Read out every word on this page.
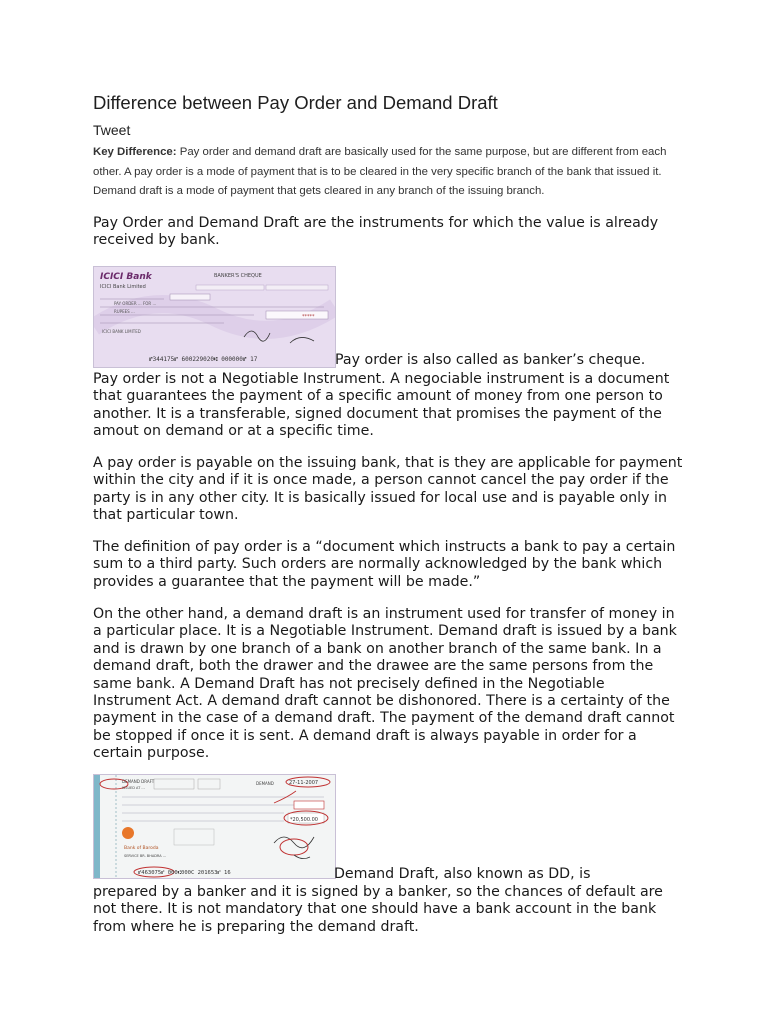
Difference between Pay Order and Demand Draft
Tweet
Key Difference: Pay order and demand draft are basically used for the same purpose, but are different from each other. A pay order is a mode of payment that is to be cleared in the very specific branch of the bank that issued it. Demand draft is a mode of payment that gets cleared in any branch of the issuing branch.

Pay Order and Demand Draft are the instruments for which the value is already received by bank.

ICICI Bank
ICICI Bank Limited
BANKER'S CHEQUE
PAY ORDER ... FOR ...
RUPEES ...
*****
ICICI BANK LIMITED
⑈344175⑈ 600229020⑆ 000000⑈ 17	Pay order is also called as banker’s cheque.

Pay order is not a Negotiable Instrument. A negociable instrument is a document that guarantees the payment of a specific amount of money from one person to another. It is a transferable, signed document that promises the payment of the amout on demand or at a specific time.

A pay order is payable on the issuing bank, that is they are applicable for payment within the city and if it is once made, a person cannot cancel the pay order if the party is in any other city. It is basically issued for local use and is payable only in that particular town.

The definition of pay order is a “document which instructs a bank to pay a certain sum to a third party. Such orders are normally acknowledged by the bank which provides a guarantee that the payment will be made.”

On the other hand, a demand draft is an instrument used for transfer of money in a particular place. It is a Negotiable Instrument. Demand draft is issued by a bank and is drawn by one branch of a bank on another branch of the same bank. In a demand draft, both the drawer and the drawee are the same persons from the same bank. A Demand Draft has not precisely defined in the Negotiable Instrument Act. A demand draft cannot be dishonored. There is a certainty of the payment in the case of a demand draft. The payment of the demand draft cannot be stopped if once it is sent. A demand draft is always payable in order for a certain purpose.

DEMAND DRAFT
ISSUED AT ...
DEMAND	27-11-2007
*20,500.00
Bank of Baroda
SERVICE BR. BHADRA ...
⑈463075⑈ 000⑆000C 201653⑈ 16	Demand Draft, also known as DD, is

prepared by a banker and it is signed by a banker, so the chances of default are not there. It is not mandatory that one should have a bank account in the bank from where he is preparing the demand draft.
